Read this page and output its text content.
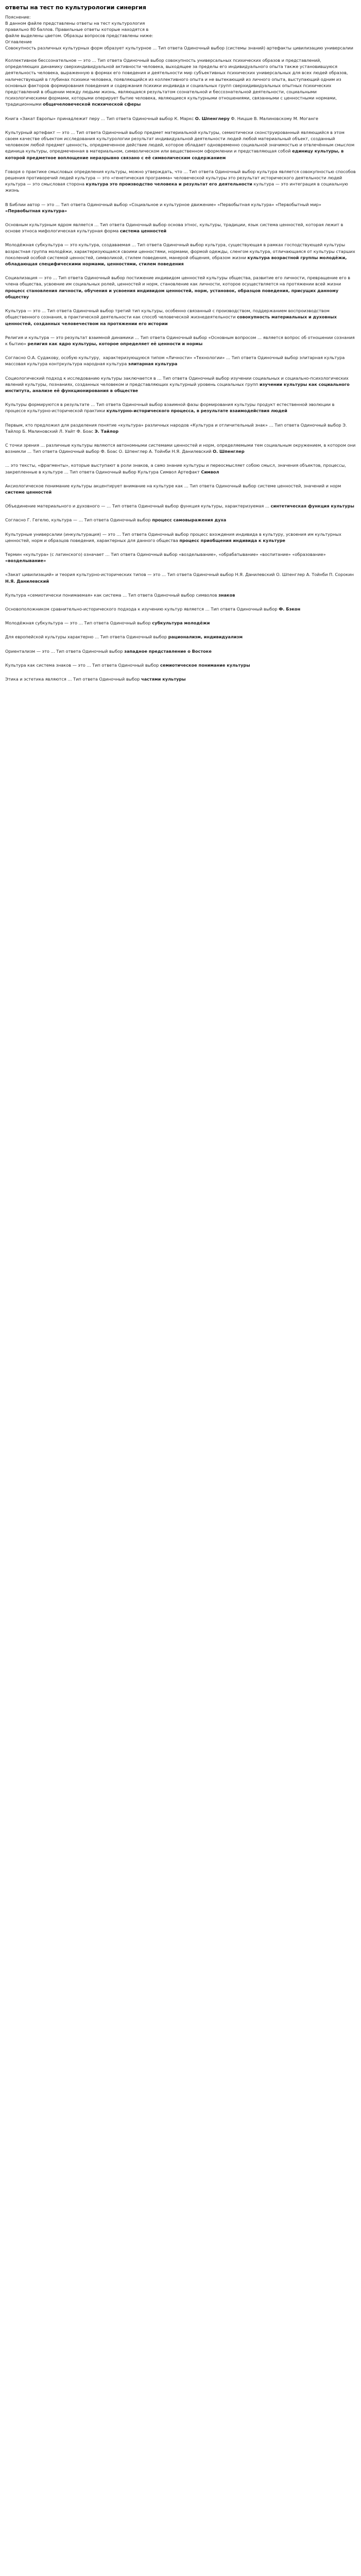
ответы на тест по культурологии синергия

Пояснение:

В данном файле представлены ответы на тест культурология

правильно 80 баллов. Правильные ответы которые находятся в

файле выделены цветом. Образцы вопросов представлены ниже:

Оглавление

Совокупность различных культурных форм образует культурное ... Тип ответа Одиночный выбор (системы знаний) артефакты цивилизацию универсалии

Коллективное бессознательное — это … Тип ответа Одиночный выбор совокупность универсальных психических образов и представлений, определяющих динамику сверхиндивидуальной активности человека, выходящее за пределы его индивидуального опыта также установившуюся деятельность человека, выраженную в формах его поведения и деятельности мир субъективных психических универсальных для всех людей образов, наличествующий в глубинах психики человека, появляющийся из коллективного опыта и не вытекающий из личного опыта, выступающий одним из основных факторов формирования поведения и содержания психики индивида и социальных групп сверхидивидуальных опытных психических представлений в общении между людьми жизнь, являющаяся результатом сознательной и бессознательной деятельности, социальными психологическими формами, которыми оперирует бытие человека, являющиеся культурными отношениями, связанными с ценностными нормами, традиционными общечеловеческой психической сферы

Книга «Закат Европы» принадлежит перу … Тип ответа Одиночный выбор К. Маркс О. Шпенглеру Ф. Ницше В. Малиновскому М. Моганге

Культурный артефакт — это … Тип ответа Одиночный выбор предмет материальной культуры, семиотически сконструированный являющийся в этом своем качестве объектом исследования культурологии результат индивидуальной деятельности людей любой материальный объект, созданный человеком любой предмет ценность, опредмеченное действие людей, которое обладает одновременно социальной значимостью и отвлечённым смыслом единица культуры, опредмеченная в материальном, символическом или вещественном оформлении и представляющая собой единицу культуры, в которой предметное воплощение неразрывно связано с её символическим содержанием

Говоря о практике смысловых определения культуры, можно утверждать, что … Тип ответа Одиночный выбор культура является совокупностью способов решения противоречий людей культура — это «генетическая программа» человеческой культуры это результат исторического деятельности людей культура — это смысловая сторона культура это производство человека и результат его деятельности культура — это интеграция в социальную жизнь

В Библии автор — это … Тип ответа Одиночный выбор «Социальное и культурное движение» «Первобытная культура» «Первобытный мир» «Первобытная культура»

Основным культурным ядром является … Тип ответа Одиночный выбор основа этнос, культуры, традиции, язык система ценностей, которая лежит в основе этноса мифологическая культурная форма система ценностей

Молодёжная субкультура — это культура, создаваемая … Тип ответа Одиночный выбор культура, существующая в рамках господствующей культуры возрастная группа молодёжи, характеризующаяся своими ценностями, нормами, формой одежды, сленгом культура, отличающаяся от культуры старших поколений особой системой ценностей, символикой, стилем поведения, манерой общения, образом жизни культура возрастной группы молодёжи, обладающая специфическими нормами, ценностями, стилем поведения

Социализация — это … Тип ответа Одиночный выбор постижение индивидом ценностей культуры общества, развитие его личности, превращение его в члена общества, усвоение им социальных ролей, ценностей и норм, становление как личности, которое осуществляется на протяжении всей жизни процесс становления личности, обучения и усвоения индивидом ценностей, норм, установок, образцов поведения, присущих данному обществу

Культура — это … Тип ответа Одиночный выбор третий тип культуры, особенно связанный с производством, поддержанием воспроизводством общественного сознания, в практической деятельности как способ человеческой жизнедеятельности совокупность материальных и духовных ценностей, созданных человечеством на протяжении его истории

Религия и культура — это результат взаимной динамики … Тип ответа Одиночный выбор «Основным вопросом … является вопрос об отношении сознания к бытию» религия как ядро культуры, которое определяет её ценности и нормы

Согласно О.А. Судакову, особую культуру,  характеризующуюся типом «Личности» «Технологии» … Тип ответа Одиночный выбор элитарная культура массовая культура контркультура народная культура элитарная культура

Социологический подход к исследованию культуры заключается в … Тип ответа Одиночный выбор изучении социальных и социально-психологических явлений культуры, познаниях, созданных человеком и представляющих культурный уровень социальных групп изучении культуры как социального института, анализе её функционирования в обществе

Культуры формируются в результате … Тип ответа Одиночный выбор взаимной фазы формирования культуры продукт естественной эволюции в процессе культурно-исторической практики культурно-исторического процесса, в результате взаимодействия людей

Первым, кто предложил для разделения понятие «культура» различных народов «Культура и отличительный знак» … Тип ответа Одиночный выбор Э. Тайлор Б. Малиновский Л. Уайт Ф. Боас Э. Тайлор

С точки зрения … различные культуры являются автономными системами ценностей и норм, определяемыми тем социальным окружением, в котором они возникли … Тип ответа Одиночный выбор Ф. Боас О. Шпенглер А. Тойнби Н.Я. Данилевский О. Шпенглер

… это тексты, «фрагменты», которые выступают в роли знаков, а само знание культуры и переосмысляет собою смысл, значения объектов, процессы, закрепленные в культуре … Тип ответа Одиночный выбор Культура Символ Артефакт Символ

Аксиологическое понимание культуры акцентирует внимание на культуре как … Тип ответа Одиночный выбор системе ценностей, значений и норм системе ценностей

Объединение материального и духовного — … Тип ответа Одиночный выбор функция культуры, характеризуемая … синтетическая функция культуры

Согласно Г. Гегелю, культура — … Тип ответа Одиночный выбор процесс самовыражения духа

Культурные универсалии (инкультурация) — это … Тип ответа Одиночный выбор процесс вхождения индивида в культуру, усвоения им культурных ценностей, норм и образцов поведения, характерных для данного общества процесс приобщения индивида к культуре

Термин «культура» (с латинского) означает … Тип ответа Одиночный выбор «возделывание», «обрабатывание» «воспитание» «образование» «возделывание»

«Закат цивилизаций» и теория культурно-исторических типов — это … Тип ответа Одиночный выбор Н.Я. Данилевский О. Шпенглер А. Тойнби П. Сорокин Н.Я. Данилевский

Культура «семиотически понимаемая» как система … Тип ответа Одиночный выбор символов знаков

Основоположником сравнительно-исторического подхода к изучению культур является … Тип ответа Одиночный выбор Ф. Бэкон

Молодёжная субкультура — это … Тип ответа Одиночный выбор субкультура молодёжи

Для европейской культуры характерно … Тип ответа Одиночный выбор рационализм, индивидуализм

Ориентализм — это … Тип ответа Одиночный выбор западное представление о Востоке

Культура как система знаков — это … Тип ответа Одиночный выбор семиотическое понимание культуры

Этика и эстетика являются … Тип ответа Одиночный выбор частями культуры
